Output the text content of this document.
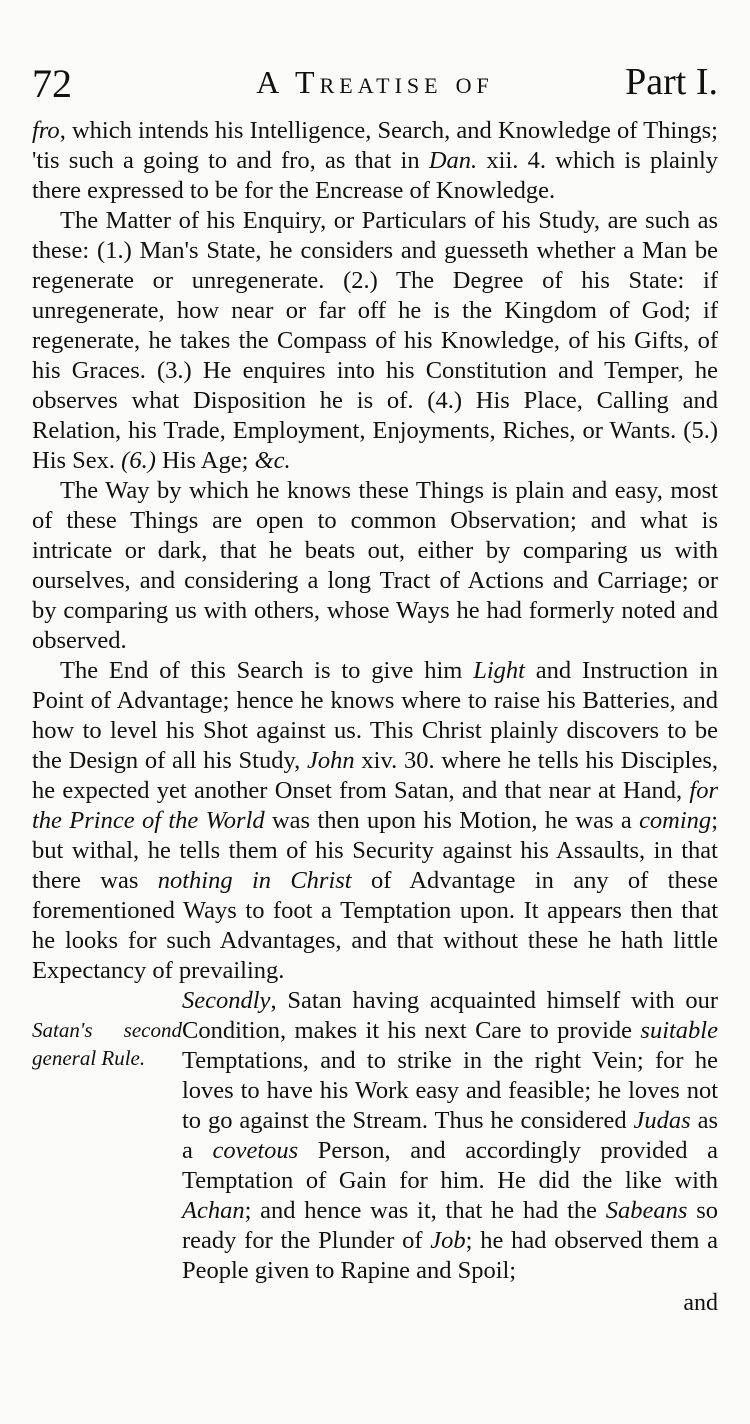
72	A Treatise of	Part I.

fro, which intends his Intelligence, Search, and Knowledge of Things; 'tis such a going to and fro, as that in Dan. xii. 4. which is plainly there expressed to be for the Encrease of Knowledge.

The Matter of his Enquiry, or Particulars of his Study, are such as these: (1.) Man's State, he considers and guesseth whether a Man be regenerate or unregenerate. (2.) The Degree of his State: if unregenerate, how near or far off he is the Kingdom of God; if regenerate, he takes the Compass of his Knowledge, of his Gifts, of his Graces. (3.) He enquires into his Constitution and Temper, he observes what Disposition he is of. (4.) His Place, Calling and Relation, his Trade, Employment, Enjoyments, Riches, or Wants. (5.) His Sex. (6.) His Age; &c.

The Way by which he knows these Things is plain and easy, most of these Things are open to common Observation; and what is intricate or dark, that he beats out, either by comparing us with ourselves, and considering a long Tract of Actions and Carriage; or by comparing us with others, whose Ways he had formerly noted and observed.

The End of this Search is to give him Light and Instruction in Point of Advantage; hence he knows where to raise his Batteries, and how to level his Shot against us. This Christ plainly discovers to be the Design of all his Study, John xiv. 30. where he tells his Disciples, he expected yet another Onset from Satan, and that near at Hand, for the Prince of the World was then upon his Motion, he was a coming; but withal, he tells them of his Security against his Assaults, in that there was nothing in Christ of Advantage in any of these forementioned Ways to foot a Temptation upon. It appears then that he looks for such Advantages, and that without these he hath little Expectancy of prevailing.

Satan's second general Rule.

Secondly, Satan having acquainted himself with our Condition, makes it his next Care to provide suitable Temptations, and to strike in the right Vein; for he loves to have his Work easy and feasible; he loves not to go against the Stream. Thus he considered Judas as a covetous Person, and accordingly provided a Temptation of Gain for him. He did the like with Achan; and hence was it, that he had the Sabeans so ready for the Plunder of Job; he had observed them a People given to Rapine and Spoil;

and
